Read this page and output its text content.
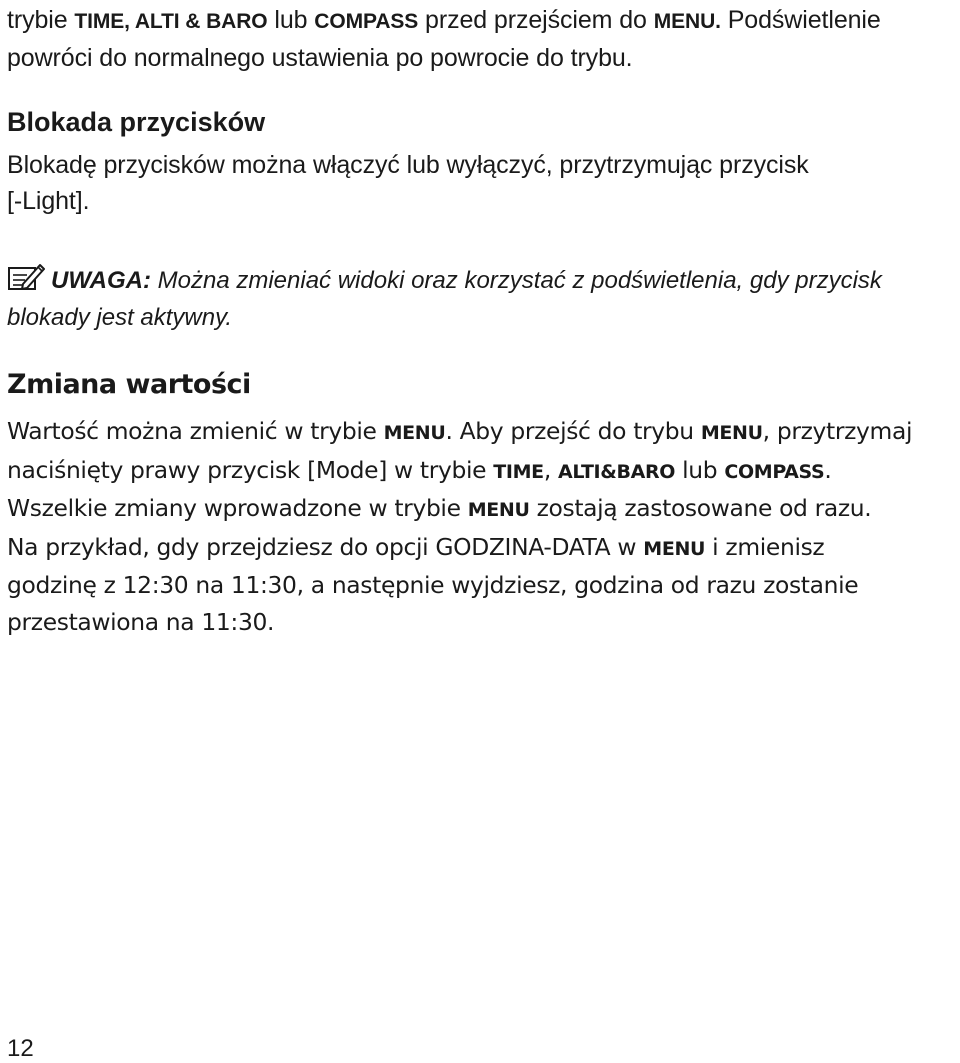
trybie TIME, ALTI & BARO lub COMPASS przed przejściem do MENU. Podświetlenie
powróci do normalnego ustawienia po powrocie do trybu.

Blokada przycisków

Blokadę przycisków można włączyć lub wyłączyć, przytrzymując przycisk
[-Light].

UWAGA: Można zmieniać widoki oraz korzystać z podświetlenia, gdy przycisk
blokady jest aktywny.

Zmiana wartości

Wartość można zmienić w trybie MENU. Aby przejść do trybu MENU, przytrzymaj
naciśnięty prawy przycisk [Mode] w trybie TIME, ALTI&BARO lub COMPASS.
Wszelkie zmiany wprowadzone w trybie MENU zostają zastosowane od razu.
Na przykład, gdy przejdziesz do opcji GODZINA-DATA w MENU i zmienisz
godzinę z 12:30 na 11:30, a następnie wyjdziesz, godzina od razu zostanie
przestawiona na 11:30.

12
